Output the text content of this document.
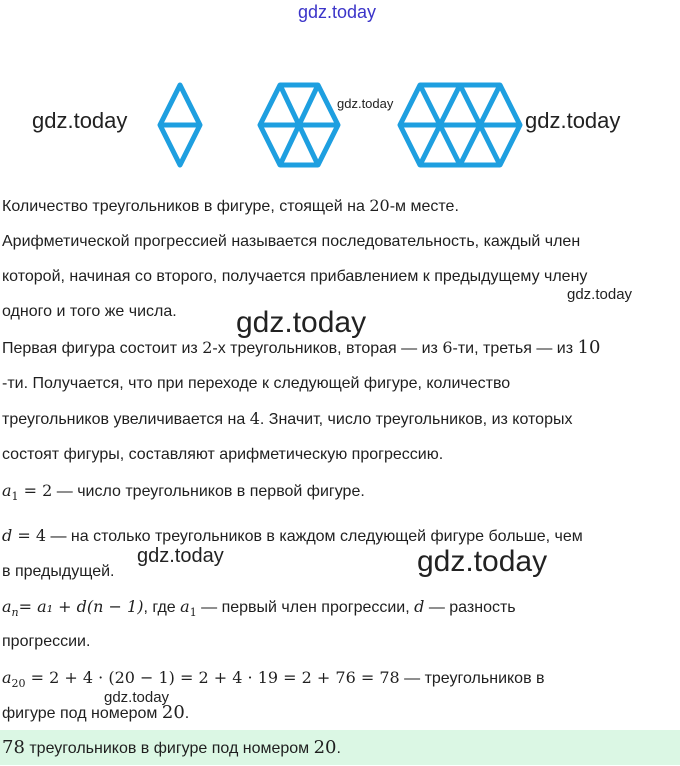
gdz.today
gdz.today
gdz.today
gdz.today
Количество треугольников в фигуре, стоящей на 20-м месте.
Арифметической прогрессией называется последовательность, каждый член
которой, начиная со второго, получается прибавлением к предыдущему члену
одного и того же числа.
gdz.today
gdz.today
Первая фигура состоит из 2-х треугольников, вторая — из 6-ти, третья — из 10
-ти. Получается, что при переходе к следующей фигуре, количество
треугольников увеличивается на 4. Значит, число треугольников, из которых
состоят фигуры, составляют арифметическую прогрессию.
$a_1 = 2$ — число треугольников в первой фигуре.
d = 4 — на столько треугольников в каждом следующей фигуре больше, чем
в предыдущей.
gdz.today	gdz.today
$a_n= a_1 + d(n - 1)$, где $a_1$ — первый член прогрессии, d — разность
прогрессии.
$a_{20} = 2 + 4 \cdot (20 - 1) = 2 + 4 \cdot 19 = 2 + 76 = 78$ — треугольников в
gdz.today
фигуре под номером 20.
78 треугольников в фигуре под номером 20.
